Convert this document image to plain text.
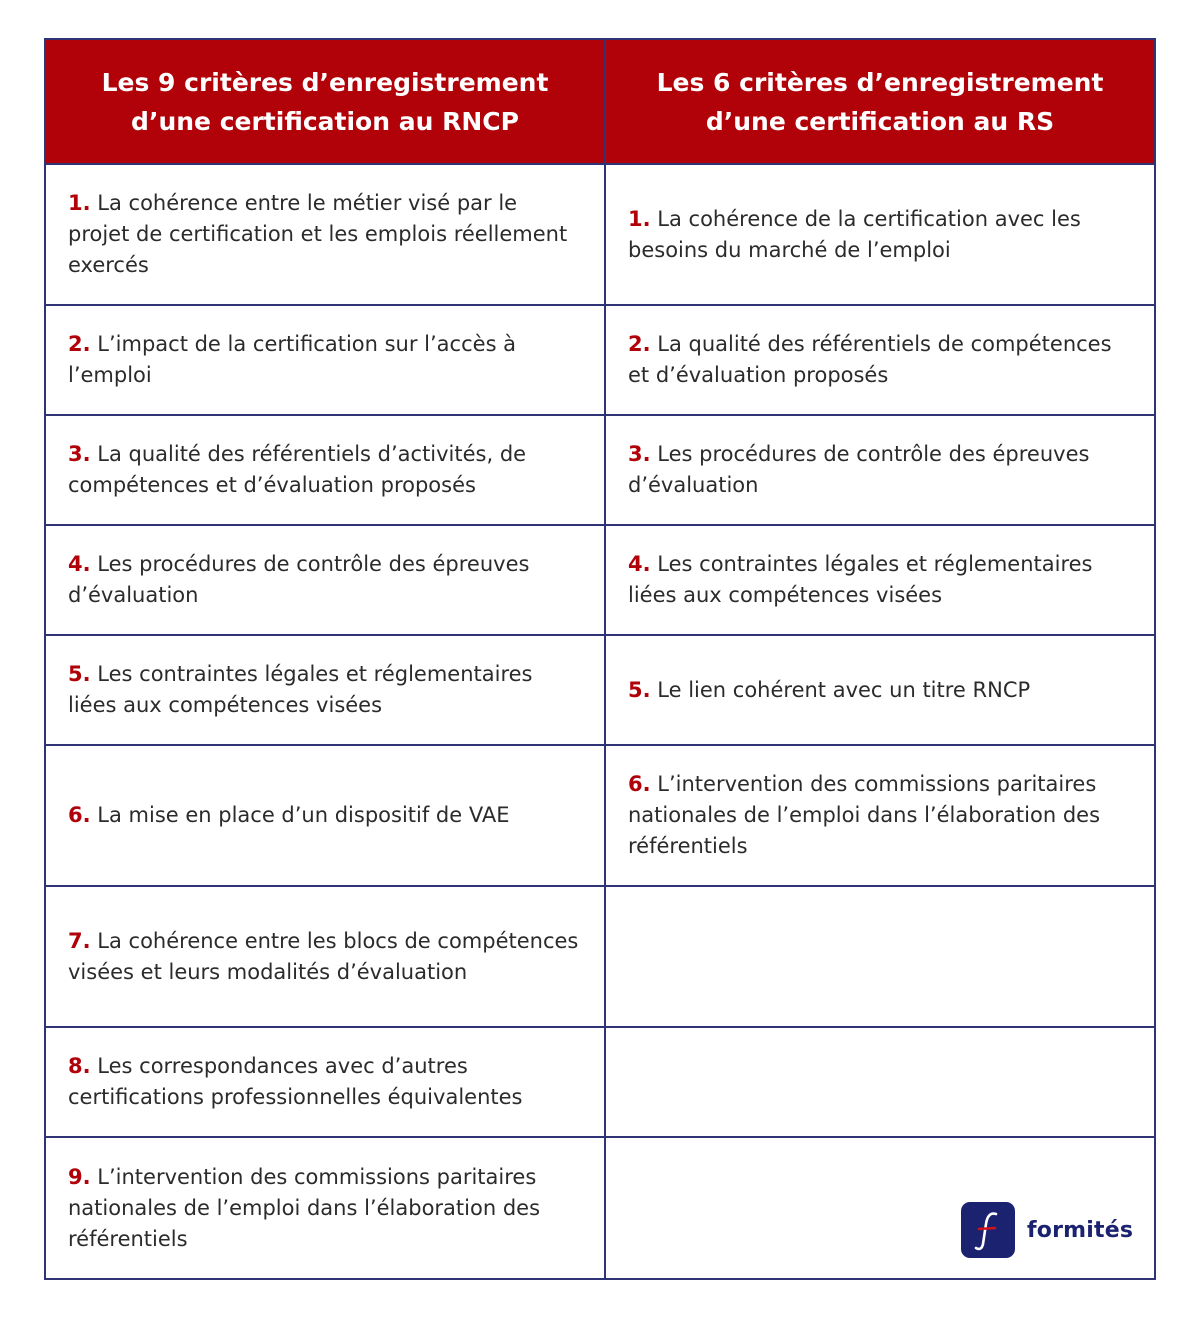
Les 9 critères d’enregistrement d’une certification au RNCP	Les 6 critères d’enregistrement d’une certification au RS

1. La cohérence entre le métier visé par le projet de certification et les emplois réellement exercés	1. La cohérence de la certification avec les besoins du marché de l’emploi

2. L’impact de la certification sur l’accès à l’emploi	2. La qualité des référentiels de compétences et d’évaluation proposés

3. La qualité des référentiels d’activités, de compétences et d’évaluation proposés	3. Les procédures de contrôle des épreuves d’évaluation

4. Les procédures de contrôle des épreuves d’évaluation	4. Les contraintes légales et réglementaires liées aux compétences visées

5. Les contraintes légales et réglementaires liées aux compétences visées	5. Le lien cohérent avec un titre RNCP

6. La mise en place d’un dispositif de VAE	6. L’intervention des commissions paritaires nationales de l’emploi dans l’élaboration des référentiels

7. La cohérence entre les blocs de compétences visées et leurs modalités d’évaluation	

8. Les correspondances avec d’autres certifications professionnelles équivalentes	

9. L’intervention des commissions paritaires nationales de l’emploi dans l’élaboration des référentiels	
		formités
